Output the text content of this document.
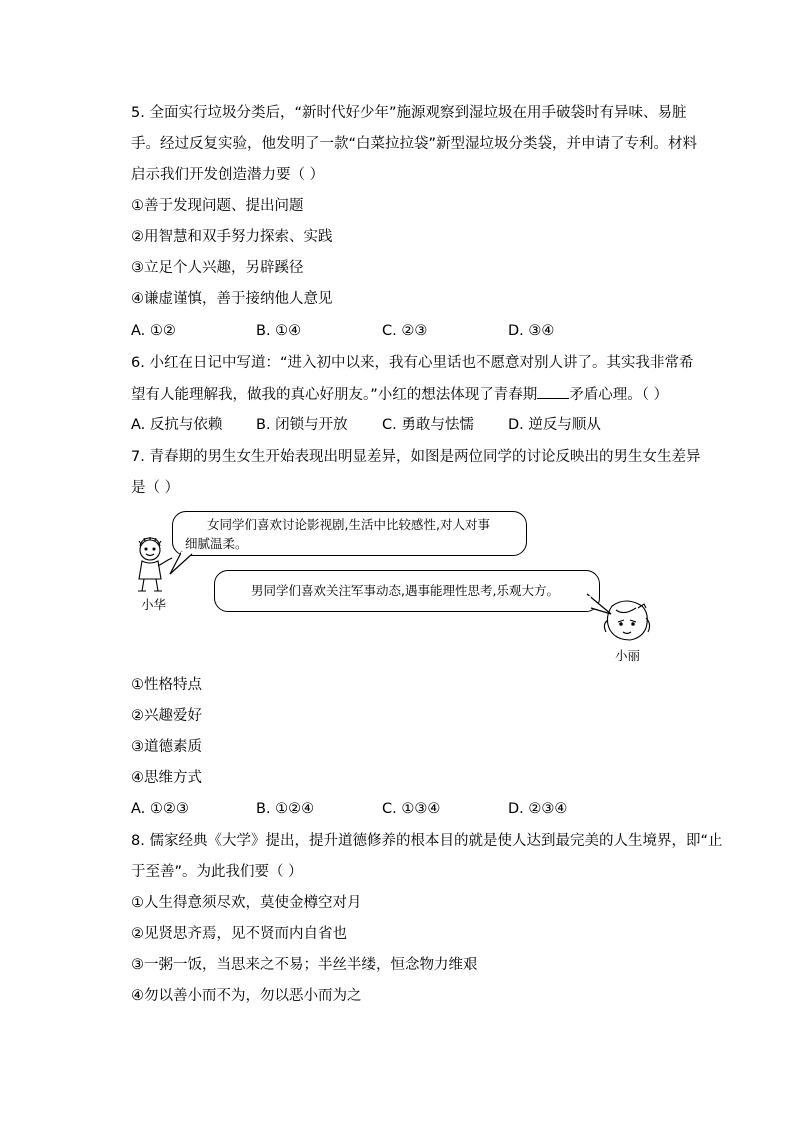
5. 全面实行垃圾分类后，“新时代好少年”施源观察到湿垃圾在用手破袋时有异味、易脏
手。经过反复实验，他发明了一款“白菜拉拉袋”新型湿垃圾分类袋，并申请了专利。材料
启示我们开发创造潜力要（ ）
①善于发现问题、提出问题
②用智慧和双手努力探索、实践
③立足个人兴趣，另辟蹊径
④谦虚谨慎，善于接纳他人意见
A. ①②	B. ①④	C. ②③	D. ③④
6. 小红在日记中写道：“进入初中以来，我有心里话也不愿意对别人讲了。其实我非常希
望有人能理解我，做我的真心好朋友。”小红的想法体现了青春期 矛盾心理。（ ）
A. 反抗与依赖 B. 闭锁与开放 C. 勇敢与怯懦 D. 逆反与顺从
7. 青春期的男生女生开始表现出明显差异，如图是两位同学的讨论反映出的男生女生差异
是（ ）
女同学们喜欢讨论影视剧,生活中比较感性,对人对事
细腻温柔。
小华
男同学们喜欢关注军事动态,遇事能理性思考,乐观大方。
小丽
①性格特点
②兴趣爱好
③道德素质
④思维方式
A. ①②③	B. ①②④	C. ①③④	D. ②③④
8. 儒家经典《大学》提出，提升道德修养的根本目的就是使人达到最完美的人生境界，即“止
于至善”。为此我们要（ ）
①人生得意须尽欢，莫使金樽空对月
②见贤思齐焉，见不贤而内自省也
③一粥一饭，当思来之不易；半丝半缕，恒念物力维艰
④勿以善小而不为，勿以恶小而为之
